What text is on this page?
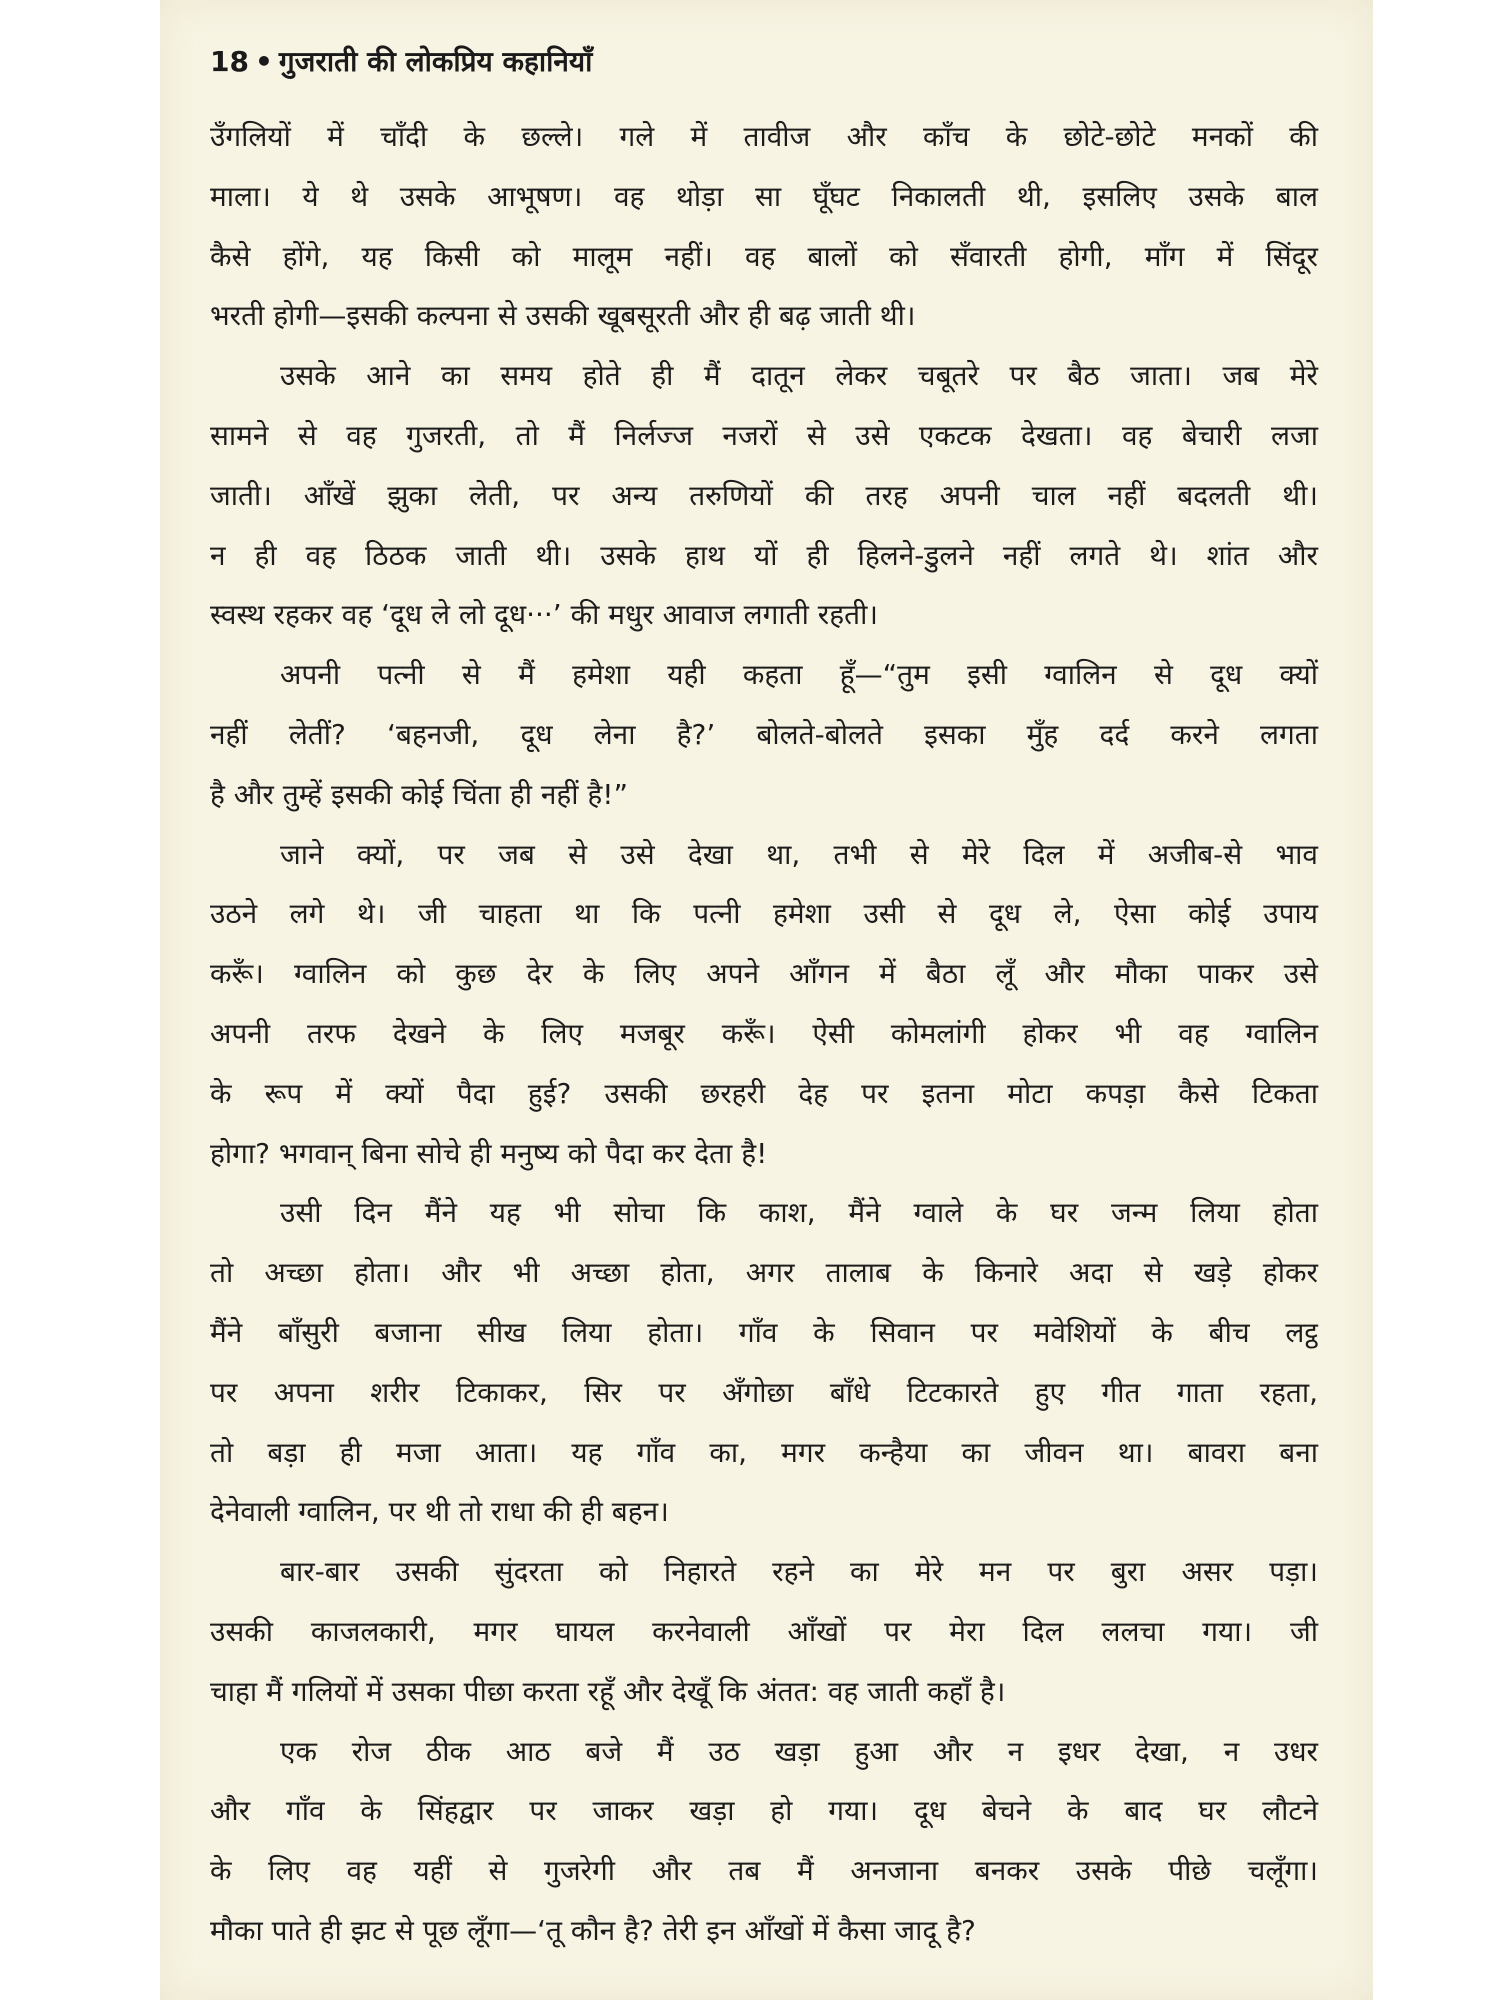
18 • गुजराती की लोकप्रिय कहानियाँ
उँगलियों में चाँदी के छल्ले। गले में तावीज और काँच के छोटे-छोटे मनकों की
माला। ये थे उसके आभूषण। वह थोड़ा सा घूँघट निकालती थी, इसलिए उसके बाल
कैसे होंगे, यह किसी को मालूम नहीं। वह बालों को सँवारती होगी, माँग में सिंदूर
भरती होगी—इसकी कल्पना से उसकी खूबसूरती और ही बढ़ जाती थी।
उसके आने का समय होते ही मैं दातून लेकर चबूतरे पर बैठ जाता। जब मेरे
सामने से वह गुजरती, तो मैं निर्लज्ज नजरों से उसे एकटक देखता। वह बेचारी लजा
जाती। आँखें झुका लेती, पर अन्य तरुणियों की तरह अपनी चाल नहीं बदलती थी।
न ही वह ठिठक जाती थी। उसके हाथ यों ही हिलने-डुलने नहीं लगते थे। शांत और
स्वस्थ रहकर वह ‘दूध ले लो दूध···’ की मधुर आवाज लगाती रहती।
अपनी पत्नी से मैं हमेशा यही कहता हूँ—“तुम इसी ग्वालिन से दूध क्यों
नहीं लेतीं? ‘बहनजी, दूध लेना है?’ बोलते-बोलते इसका मुँह दर्द करने लगता
है और तुम्हें इसकी कोई चिंता ही नहीं है!”
जाने क्यों, पर जब से उसे देखा था, तभी से मेरे दिल में अजीब-से भाव
उठने लगे थे। जी चाहता था कि पत्नी हमेशा उसी से दूध ले, ऐसा कोई उपाय
करूँ। ग्वालिन को कुछ देर के लिए अपने आँगन में बैठा लूँ और मौका पाकर उसे
अपनी तरफ देखने के लिए मजबूर करूँ। ऐसी कोमलांगी होकर भी वह ग्वालिन
के रूप में क्यों पैदा हुई? उसकी छरहरी देह पर इतना मोटा कपड़ा कैसे टिकता
होगा? भगवान् बिना सोचे ही मनुष्य को पैदा कर देता है!
उसी दिन मैंने यह भी सोचा कि काश, मैंने ग्वाले के घर जन्म लिया होता
तो अच्छा होता। और भी अच्छा होता, अगर तालाब के किनारे अदा से खड़े होकर
मैंने बाँसुरी बजाना सीख लिया होता। गाँव के सिवान पर मवेशियों के बीच लट्ठ
पर अपना शरीर टिकाकर, सिर पर अँगोछा बाँधे टिटकारते हुए गीत गाता रहता,
तो बड़ा ही मजा आता। यह गाँव का, मगर कन्हैया का जीवन था। बावरा बना
देनेवाली ग्वालिन, पर थी तो राधा की ही बहन।
बार-बार उसकी सुंदरता को निहारते रहने का मेरे मन पर बुरा असर पड़ा।
उसकी काजलकारी, मगर घायल करनेवाली आँखों पर मेरा दिल ललचा गया। जी
चाहा मैं गलियों में उसका पीछा करता रहूँ और देखूँ कि अंतत: वह जाती कहाँ है।
एक रोज ठीक आठ बजे मैं उठ खड़ा हुआ और न इधर देखा, न उधर
और गाँव के सिंहद्वार पर जाकर खड़ा हो गया। दूध बेचने के बाद घर लौटने
के लिए वह यहीं से गुजरेगी और तब मैं अनजाना बनकर उसके पीछे चलूँगा।
मौका पाते ही झट से पूछ लूँगा—‘तू कौन है? तेरी इन आँखों में कैसा जादू है?
